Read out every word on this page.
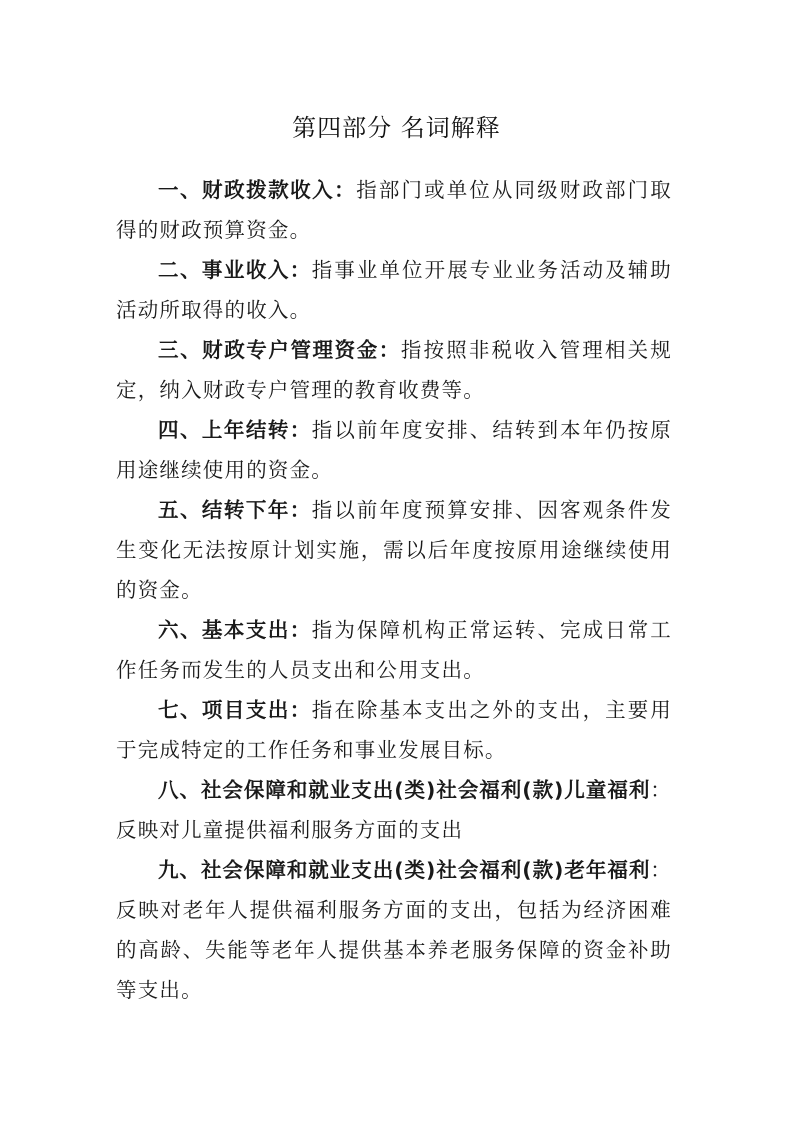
第四部分 名词解释

一、财政拨款收入：指部门或单位从同级财政部门取得的财政预算资金。

二、事业收入：指事业单位开展专业业务活动及辅助活动所取得的收入。

三、财政专户管理资金：指按照非税收入管理相关规定，纳入财政专户管理的教育收费等。

四、上年结转：指以前年度安排、结转到本年仍按原用途继续使用的资金。

五、结转下年：指以前年度预算安排、因客观条件发生变化无法按原计划实施，需以后年度按原用途继续使用的资金。

六、基本支出：指为保障机构正常运转、完成日常工作任务而发生的人员支出和公用支出。

七、项目支出：指在除基本支出之外的支出，主要用于完成特定的工作任务和事业发展目标。

八、社会保障和就业支出(类)社会福利(款)儿童福利：反映对儿童提供福利服务方面的支出

九、社会保障和就业支出(类)社会福利(款)老年福利：反映对老年人提供福利服务方面的支出，包括为经济困难的高龄、失能等老年人提供基本养老服务保障的资金补助等支出。
